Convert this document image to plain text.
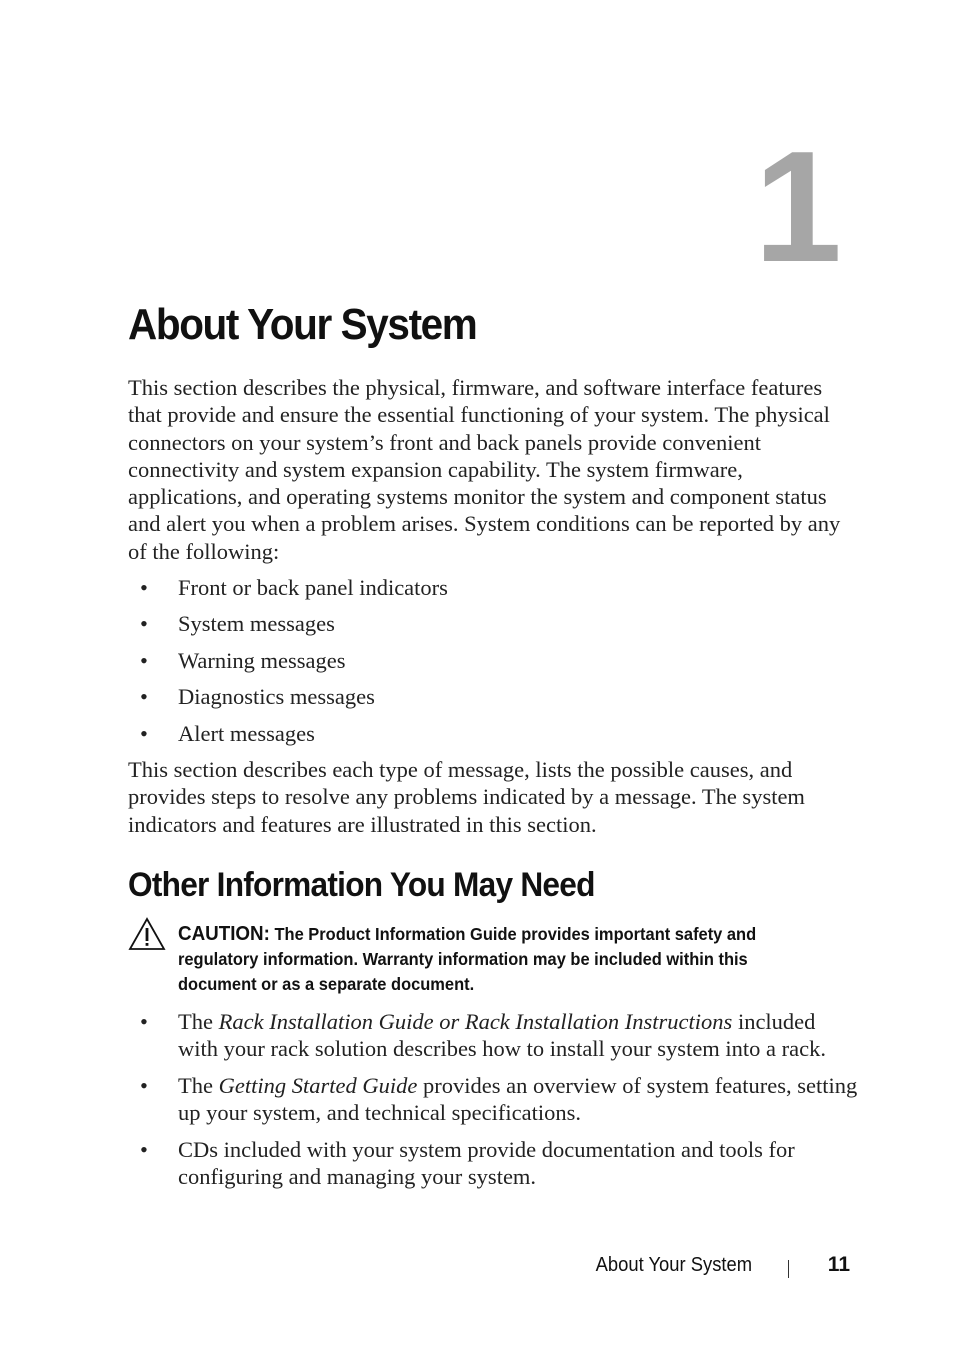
1
About Your System

This section describes the physical, firmware, and software interface features that provide and ensure the essential functioning of your system. The physical connectors on your system’s front and back panels provide convenient connectivity and system expansion capability. The system firmware, applications, and operating systems monitor the system and component status and alert you when a problem arises. System conditions can be reported by any of the following:

• Front or back panel indicators
• System messages
• Warning messages
• Diagnostics messages
• Alert messages

This section describes each type of message, lists the possible causes, and provides steps to resolve any problems indicated by a message. The system indicators and features are illustrated in this section.

Other Information You May Need

CAUTION: The Product Information Guide provides important safety and regulatory information. Warranty information may be included within this document or as a separate document.

• The Rack Installation Guide or Rack Installation Instructions included with your rack solution describes how to install your system into a rack.
• The Getting Started Guide provides an overview of system features, setting up your system, and technical specifications.
• CDs included with your system provide documentation and tools for configuring and managing your system.
About Your System	11
